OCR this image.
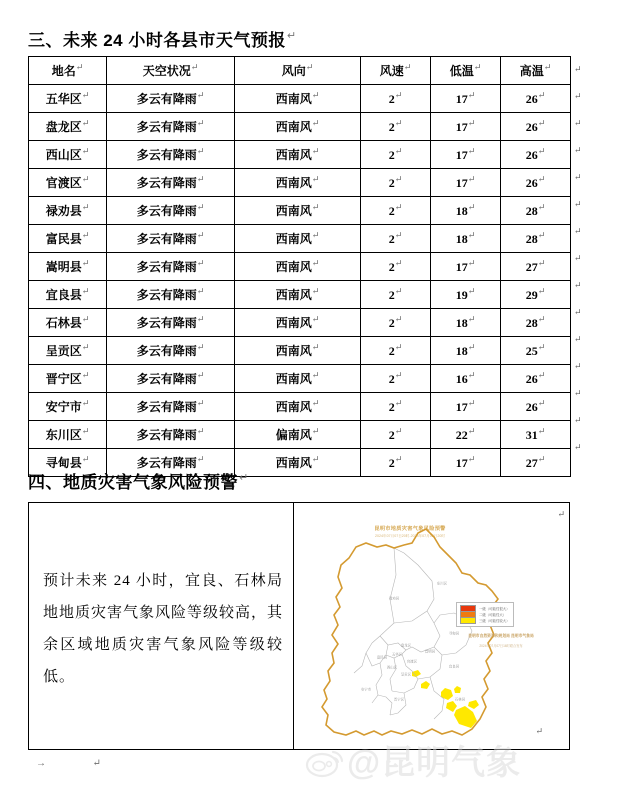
三、未来 24 小时各县市天气预报↵
地名↵	天空状况↵	风向↵	风速↵	低温↵	高温↵
五华区↵	多云有降雨↵	西南风↵	2↵	17↵	26↵
盘龙区↵	多云有降雨↵	西南风↵	2↵	17↵	26↵
西山区↵	多云有降雨↵	西南风↵	2↵	17↵	26↵
官渡区↵	多云有降雨↵	西南风↵	2↵	17↵	26↵
禄劝县↵	多云有降雨↵	西南风↵	2↵	18↵	28↵
富民县↵	多云有降雨↵	西南风↵	2↵	18↵	28↵
嵩明县↵	多云有降雨↵	西南风↵	2↵	17↵	27↵
宜良县↵	多云有降雨↵	西南风↵	2↵	19↵	29↵
石林县↵	多云有降雨↵	西南风↵	2↵	18↵	28↵
呈贡区↵	多云有降雨↵	西南风↵	2↵	18↵	25↵
晋宁区↵	多云有降雨↵	西南风↵	2↵	16↵	26↵
安宁市↵	多云有降雨↵	西南风↵	2↵	17↵	26↵
东川区↵	多云有降雨↵	偏南风↵	2↵	22↵	31↵
寻甸县↵	多云有降雨↵	西南风↵	2↵	17↵	27↵
↵
↵
↵
↵
↵
↵
↵
↵
↵
↵
↵
↵
↵
↵
↵
四、地质灾害气象风险预警↵
预计未来 24 小时，宜良、石林局地地质灾害气象风险等级较高，其余区域地质灾害气象风险等级较低。
↵
↵
昆明市地质灾害气象风险预警
2024年07月07日20时-2024年07月08日20时
禄劝县
东川区
寻甸县
富民县
嵩明县
盘龙区
五华区
官渡区
西山区
呈贡区
宜良县
安宁市
晋宁区	石林县
一级（可能性很大）
二级（可能性大）
三级（可能性较大）
昆明市自然资源和规划局 昆明市气象局
2024年07月07日16时联合发布
→ ↵	@昆明气象
